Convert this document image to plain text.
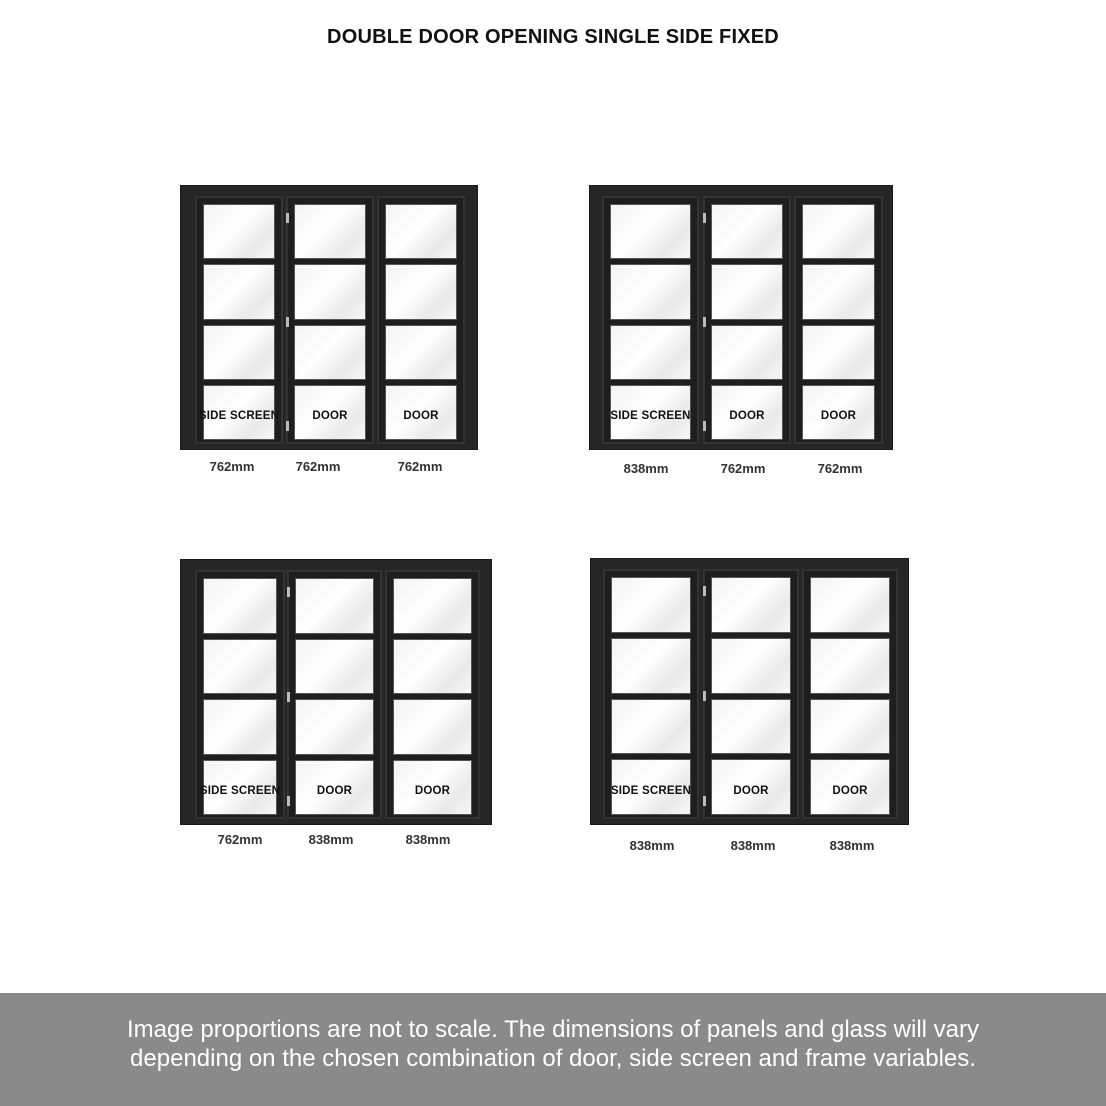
DOUBLE DOOR OPENING SINGLE SIDE FIXED
SIDE SCREEN
762mm
DOOR
762mm
DOOR
762mm
SIDE SCREEN
838mm
DOOR
762mm
DOOR
762mm
SIDE SCREEN
762mm
DOOR
838mm
DOOR
838mm
SIDE SCREEN
838mm
DOOR
838mm
DOOR
838mm
Image proportions are not to scale. The dimensions of panels and glass will vary
depending on the chosen combination of door, side screen and frame variables.
